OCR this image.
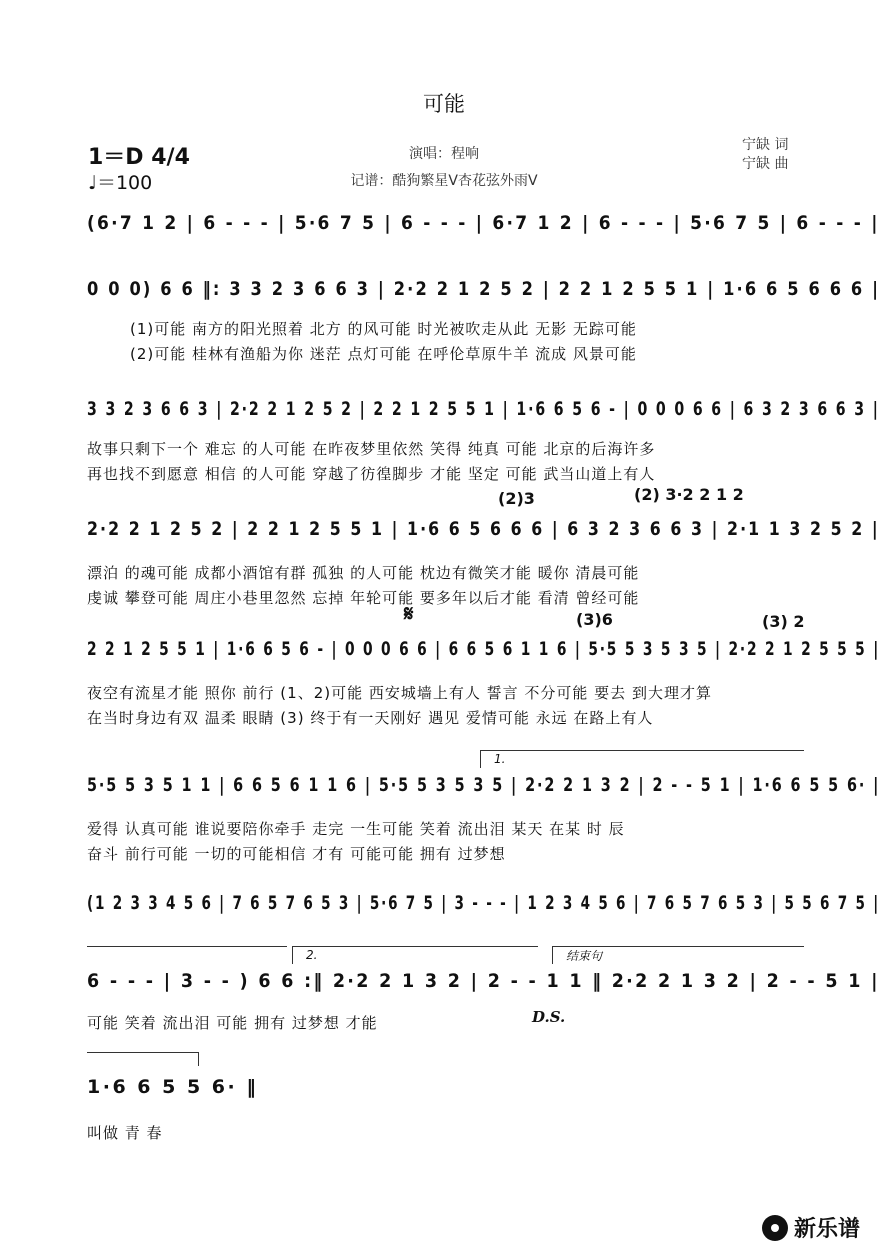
可能
1＝D 4/4
♩＝100
演唱：程响
记谱：酷狗繁星V杏花弦外雨V
宁缺 词
宁缺 曲
(6·7 1 2 | 6 - - - | 5·6 7 5 | 6 - - - | 6·7 1 2 | 6 - - - | 5·6 7 5 | 6 - - - |
0 0 0) 6 6 ‖: 3 3 2 3 6 6 3 | 2·2 2 1 2 5 2 | 2 2 1 2 5 5 1 | 1·6 6 5 6 6 6 |
(1)可能 南方的阳光照着 北方 的风可能 时光被吹走从此 无影 无踪可能
(2)可能 桂林有渔船为你 迷茫 点灯可能 在呼伦草原牛羊 流成 风景可能
3 3 2 3 6 6 3 | 2·2 2 1 2 5 2 | 2 2 1 2 5 5 1 | 1·6 6 5 6 - | 0 0 0 6 6 | 6 3 2 3 6 6 3 |
故事只剩下一个 难忘 的人可能 在昨夜梦里依然 笑得 纯真 可能 北京的后海许多
再也找不到愿意 相信 的人可能 穿越了彷徨脚步 才能 坚定 可能 武当山道上有人
(2)3	(2) 3·2 2 1 2
2·2 2 1 2 5 2 | 2 2 1 2 5 5 1 | 1·6 6 5 6 6 6 | 6 3 2 3 6 6 3 | 2·1 1 3 2 5 2 |
漂泊 的魂可能 成都小酒馆有群 孤独 的人可能 枕边有微笑才能 暖你 清晨可能
虔诚 攀登可能 周庄小巷里忽然 忘掉 年轮可能 要多年以后才能 看清 曾经可能
𝄋	(3)6	(3) 2
2 2 1 2 5 5 1 | 1·6 6 5 6 - | 0 0 0 6 6 | 6 6 5 6 1 1 6 | 5·5 5 3 5 3 5 | 2·2 2 1 2 5 5 5 |
夜空有流星才能 照你 前行 (1、2)可能 西安城墙上有人 誓言 不分可能 要去 到大理才算
在当时身边有双 温柔 眼睛 (3) 终于有一天刚好 遇见 爱情可能 永远 在路上有人
1.
5·5 5 3 5 1 1 | 6 6 5 6 1 1 6 | 5·5 5 3 5 3 5 | 2·2 2 1 3 2 | 2 - - 5 1 | 1·6 6 5 5 6· |
爱得 认真可能 谁说要陪你牵手 走完 一生可能 笑着 流出泪 某天 在某 时 辰
奋斗 前行可能 一切的可能相信 才有 可能可能 拥有 过梦想
(1 2 3 3 4 5 6 | 7 6 5 7 6 5 3 | 5·6 7 5 | 3 - - - | 1 2 3 4 5 6 | 7 6 5 7 6 5 3 | 5 5 6 7 5 |
2.	结束句
6 - - - | 3 - - ) 6 6 :‖ 2·2 2 1 3 2 | 2 - - 1 1 ‖ 2·2 2 1 3 2 | 2 - - 5 1 |
D.S.
可能 笑着 流出泪 可能 拥有 过梦想 才能
1·6 6 5 5 6· ‖
叫做 青 春
新乐谱
